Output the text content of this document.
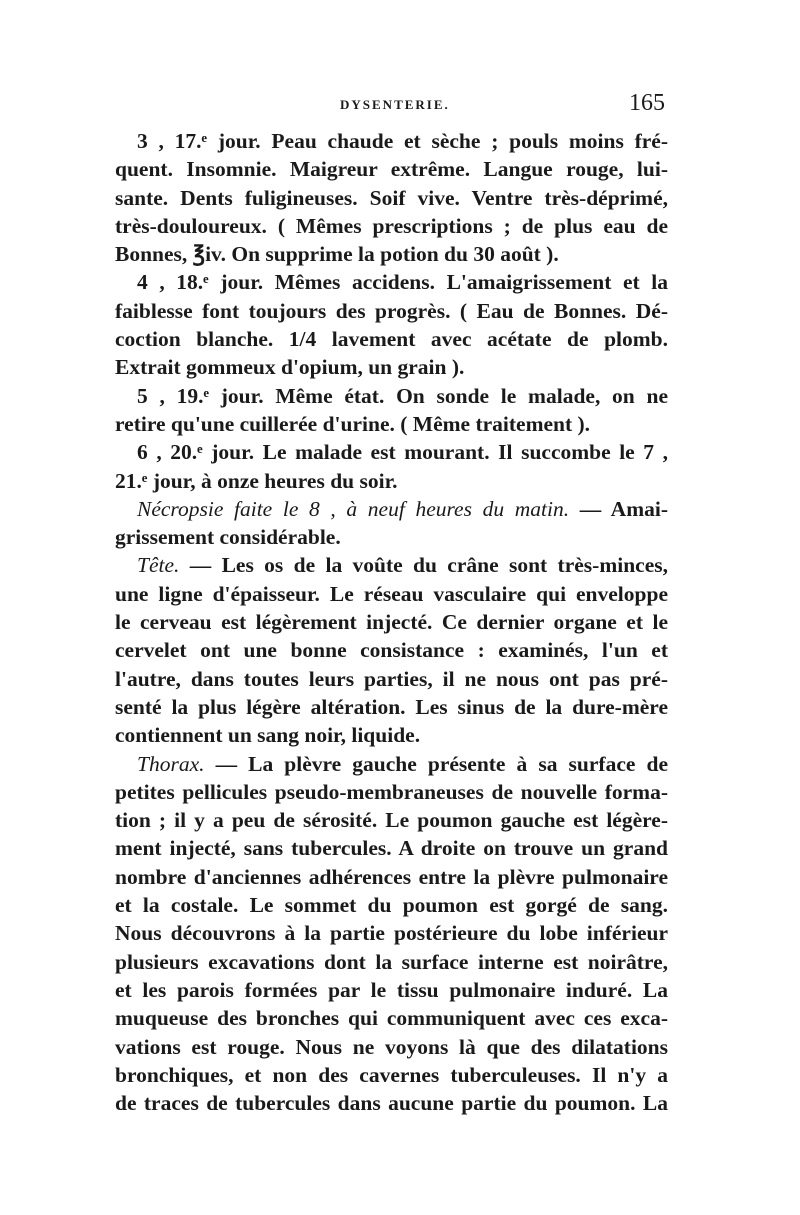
DYSENTERIE.	165
3 , 17.ᵉ jour. Peau chaude et sèche ; pouls moins fré-
quent. Insomnie. Maigreur extrême. Langue rouge, lui-
sante. Dents fuligineuses. Soif vive. Ventre très-déprimé,
très-douloureux. ( Mêmes prescriptions ; de plus eau de
Bonnes, ℥iv. On supprime la potion du 30 août ).
4 , 18.ᵉ jour. Mêmes accidens. L'amaigrissement et la
faiblesse font toujours des progrès. ( Eau de Bonnes. Dé-
coction blanche. 1/4 lavement avec acétate de plomb.
Extrait gommeux d'opium, un grain ).
5 , 19.ᵉ jour. Même état. On sonde le malade, on ne
retire qu'une cuillerée d'urine. ( Même traitement ).
6 , 20.ᵉ jour. Le malade est mourant. Il succombe le 7 ,
21.ᵉ jour, à onze heures du soir.
Nécropsie faite le 8 , à neuf heures du matin. — Amai-
grissement considérable.
Tête. — Les os de la voûte du crâne sont très-minces,
une ligne d'épaisseur. Le réseau vasculaire qui enveloppe
le cerveau est légèrement injecté. Ce dernier organe et le
cervelet ont une bonne consistance : examinés, l'un et
l'autre, dans toutes leurs parties, il ne nous ont pas pré-
senté la plus légère altération. Les sinus de la dure-mère
contiennent un sang noir, liquide.
Thorax. — La plèvre gauche présente à sa surface de
petites pellicules pseudo-membraneuses de nouvelle forma-
tion ; il y a peu de sérosité. Le poumon gauche est légère-
ment injecté, sans tubercules. A droite on trouve un grand
nombre d'anciennes adhérences entre la plèvre pulmonaire
et la costale. Le sommet du poumon est gorgé de sang.
Nous découvrons à la partie postérieure du lobe inférieur
plusieurs excavations dont la surface interne est noirâtre,
et les parois formées par le tissu pulmonaire induré. La
muqueuse des bronches qui communiquent avec ces exca-
vations est rouge. Nous ne voyons là que des dilatations
bronchiques, et non des cavernes tuberculeuses. Il n'y a
de traces de tubercules dans aucune partie du poumon. La
